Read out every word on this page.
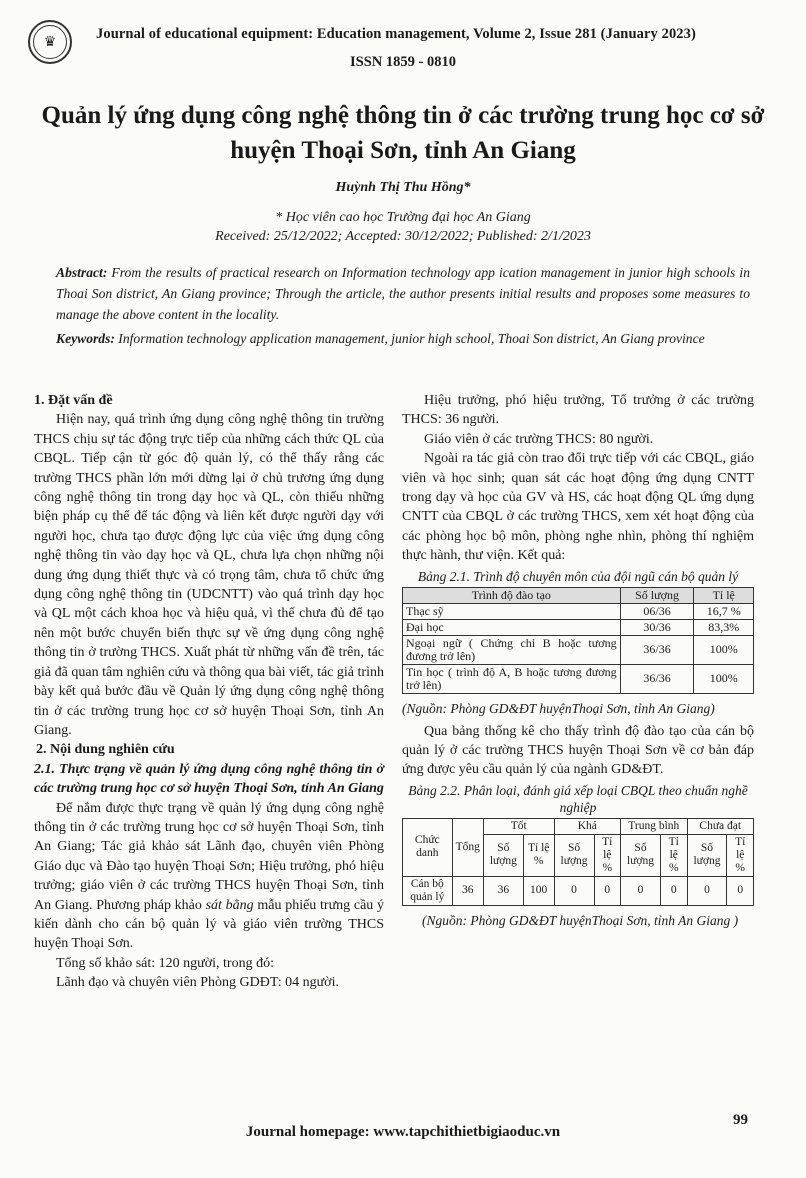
♛	Journal of educational equipment: Education management, Volume 2, Issue 281 (January 2023)
ISSN 1859 - 0810
Quản lý ứng dụng công nghệ thông tin ở các trường trung học cơ sở huyện Thoại Sơn, tỉnh An Giang
Huỳnh Thị Thu Hồng*
* Học viên cao học Trường đại học An Giang
Received: 25/12/2022; Accepted: 30/12/2022; Published: 2/1/2023
Abstract: From the results of practical research on Information technology app ication management in junior high schools in Thoai Son district, An Giang province; Through the article, the author presents initial results and proposes some measures to manage the above content in the locality.
Keywords: Information technology application management, junior high school, Thoai Son district, An Giang province

1. Đặt vấn đề

Hiện nay, quá trình ứng dụng công nghệ thông tin trường THCS chịu sự tác động trực tiếp của những cách thức QL của CBQL. Tiếp cận từ góc độ quản lý, có thể thấy rằng các trường THCS phần lớn mới dừng lại ở chủ trương ứng dụng công nghệ thông tin trong dạy học và QL, còn thiếu những biện pháp cụ thể để tác động và liên kết được người dạy với người học, chưa tạo được động lực của việc ứng dụng công nghệ thông tin vào dạy học và QL, chưa lựa chọn những nội dung ứng dụng thiết thực và có trọng tâm, chưa tổ chức ứng dụng công nghệ thông tin (UDCNTT) vào quá trình dạy học và QL một cách khoa học và hiệu quả, vì thế chưa đủ để tạo nên một bước chuyển biến thực sự về ứng dụng công nghệ thông tin ở trường THCS. Xuất phát từ những vấn đề trên, tác giả đã quan tâm nghiên cứu và thông qua bài viết, tác giả trình bày kết quả bước đầu về Quản lý ứng dụng công nghệ thông tin ở các trường trung học cơ sở huyện Thoại Sơn, tỉnh An Giang.

2. Nội dung nghiên cứu

2.1. Thực trạng về quản lý ứng dụng công nghệ thông tin ở các trường trung học cơ sở huyện Thoại Sơn, tỉnh An Giang

Để nắm được thực trạng về quản lý ứng dụng công nghệ thông tin ở các trường trung học cơ sở huyện Thoại Sơn, tỉnh An Giang; Tác giả khảo sát Lãnh đạo, chuyên viên Phòng Giáo dục và Đào tạo huyện Thoại Sơn; Hiệu trưởng, phó hiệu trưởng; giáo viên ở các trường THCS huyện Thoại Sơn, tỉnh An Giang. Phương pháp khảo sát bằng mẫu phiếu trưng cầu ý kiến dành cho cán bộ quản lý và giáo viên trường THCS huyện Thoại Sơn.

Tổng số khảo sát: 120 người, trong đó:

Lãnh đạo và chuyên viên Phòng GDĐT: 04 người.

Hiệu trưởng, phó hiệu trưởng, Tổ trưởng ở các trường THCS: 36 người.

Giáo viên ở các trường THCS: 80 người.

Ngoài ra tác giả còn trao đổi trực tiếp với các CBQL, giáo viên và học sinh; quan sát các hoạt động ứng dụng CNTT trong dạy và học của GV và HS, các hoạt động QL ứng dụng CNTT của CBQL ở các trường THCS, xem xét hoạt động của các phòng học bộ môn, phòng nghe nhìn, phòng thí nghiệm thực hành, thư viện. Kết quả:

Bảng 2.1. Trình độ chuyên môn của đội ngũ cán bộ quản lý
Trình độ đào tạo	Số lượng	Tỉ lệ
Thạc sỹ	06/36	16,7 %
Đại học	30/36	83,3%
Ngoại ngữ ( Chứng chỉ B hoặc tương đương trở lên)	36/36	100%
Tin học ( trình độ A, B hoặc tương đương trở lên)	36/36	100%
(Nguồn: Phòng GD&ĐT huyệnThoại Sơn, tỉnh An Giang)

Qua bảng thống kê cho thấy trình độ đào tạo của cán bộ quản lý ở các trường THCS huyện Thoại Sơn về cơ bản đáp ứng được yêu cầu quản lý của ngành GD&ĐT.

Bảng 2.2. Phân loại, đánh giá xếp loại CBQL theo chuẩn nghề nghiệp
Chức danh	Tổng	Tốt		Khá		Trung bình		Chưa đạt	
		Số lượng	Tỉ lệ %	Số lượng	Tỉ lệ %	Số lượng	Tỉ lệ %	Số lượng	Tỉ lệ %
Cán bộ quản lý	36	36	100	0	0	0	0	0	0
(Nguồn: Phòng GD&ĐT huyệnThoại Sơn, tỉnh An Giang )
Journal homepage: www.tapchithietbigiaoduc.vn
99
